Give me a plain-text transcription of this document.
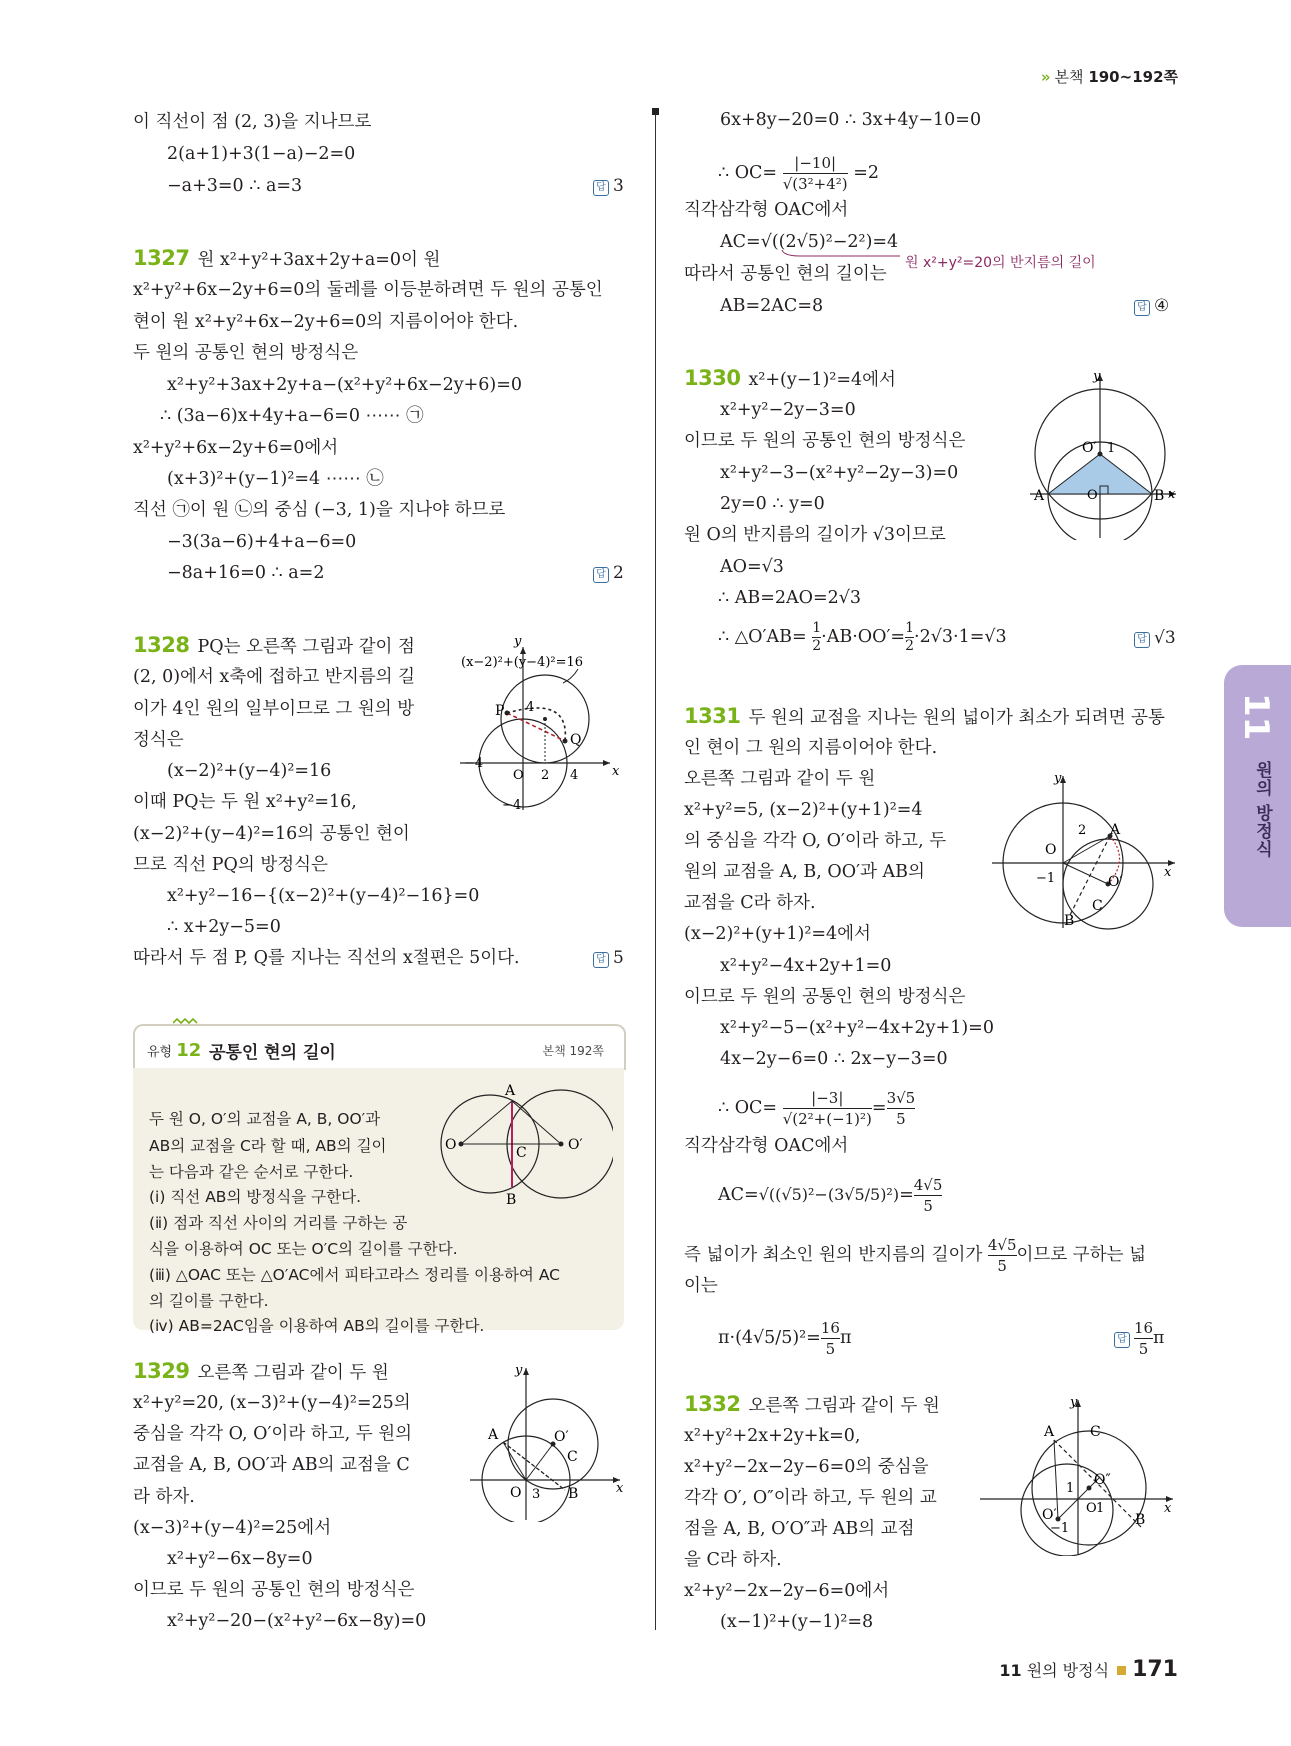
» 본책 190~192쪽
11
원의 방정식
이 직선이 점 (2, 3)을 지나므로
2(a+1)+3(1−a)−2=0
−a+3=0 ∴ a=3	답 3
1327 원 x²+y²+3ax+2y+a=0이 원
x²+y²+6x−2y+6=0의 둘레를 이등분하려면 두 원의 공통인
현이 원 x²+y²+6x−2y+6=0의 지름이어야 한다.
두 원의 공통인 현의 방정식은
x²+y²+3ax+2y+a−(x²+y²+6x−2y+6)=0
∴ (3a−6)x+4y+a−6=0 ⋯⋯ ㉠
x²+y²+6x−2y+6=0에서
(x+3)²+(y−1)²=4 ⋯⋯ ㉡
직선 ㉠이 원 ㉡의 중심 (−3, 1)을 지나야 하므로
−3(3a−6)+4+a−6=0
−8a+16=0 ∴ a=2	답 2
1328 PQ는 오른쪽 그림과 같이 점
(2, 0)에서 x축에 접하고 반지름의 길
이가 4인 원의 일부이므로 그 원의 방
정식은
(x−2)²+(y−4)²=16
이때 PQ는 두 원 x²+y²=16,
(x−2)²+(y−4)²=16의 공통인 현이
므로 직선 PQ의 방정식은
x²+y²−16−{(x−2)²+(y−4)²−16}=0
∴ x+2y−5=0
따라서 두 점 P, Q를 지나는 직선의 x절편은 5이다.	답 5
(x−2)²+(y−4)²=16
y
x
P
Q
O 2 4
−4
4
−4
유형 12 공통인 현의 길이	본책 192쪽
두 원 O, O′의 교점을 A, B, OO′과
AB의 교점을 C라 할 때, AB의 길이
는 다음과 같은 순서로 구한다.
(ⅰ) 직선 AB의 방정식을 구한다.
(ⅱ) 점과 직선 사이의 거리를 구하는 공
식을 이용하여 OC 또는 O′C의 길이를 구한다.
(ⅲ) △OAC 또는 △O′AC에서 피타고라스 정리를 이용하여 AC
의 길이를 구한다.
(ⅳ) AB=2AC임을 이용하여 AB의 길이를 구한다.
A
B
C
O	O′
1329 오른쪽 그림과 같이 두 원
x²+y²=20, (x−3)²+(y−4)²=25의
중심을 각각 O, O′이라 하고, 두 원의
교점을 A, B, OO′과 AB의 교점을 C
라 하자.
(x−3)²+(y−4)²=25에서
x²+y²−6x−8y=0
이므로 두 원의 공통인 현의 방정식은
x²+y²−20−(x²+y²−6x−8y)=0
A
B
C
O
O′
3
y
x
6x+8y−20=0 ∴ 3x+4y−10=0
∴ $OC= \frac{|-10|}{\text{√(3²+4²)}} =2$
직각삼각형 OAC에서
AC=√((2√5)²−2²)=4
원 x²+y²=20의 반지름의 길이
따라서 공통인 현의 길이는
AB=2AC=8	답 ④
1330 x²+(y−1)²=4에서
x²+y²−2y−3=0
이므로 두 원의 공통인 현의 방정식은
x²+y²−3−(x²+y²−2y−3)=0
2y=0 ∴ y=0
원 O의 반지름의 길이가 √3이므로
AO=√3
∴ AB=2AO=2√3
∴ △O′AB= $\frac{1}{2} \cdot AB\cdot OO'= \frac{1}{2} \cdot 2√3\cdot 1=√3$	답 √3
y
x
A	B
O
O′ 1
1331 두 원의 교점을 지나는 원의 넓이가 최소가 되려면 공통
인 현이 그 원의 지름이어야 한다.
오른쪽 그림과 같이 두 원
x²+y²=5, (x−2)²+(y+1)²=4
의 중심을 각각 O, O′이라 하고, 두
원의 교점을 A, B, OO′과 AB의
교점을 C라 하자.
(x−2)²+(y+1)²=4에서
x²+y²−4x+2y+1=0
이므로 두 원의 공통인 현의 방정식은
x²+y²−5−(x²+y²−4x+2y+1)=0
4x−2y−6=0 ∴ 2x−y−3=0
∴ $OC= \frac{|-3|}{\text{√(2²+(−1)²)}} = \frac{3√5}{5}$
직각삼각형 OAC에서
$AC=√((√5)^2-(3√5/5)^2)= \frac{4√5}{5}$
즉 넓이가 최소인 원의 반지름의 길이가 $\frac{4√5}{5}$ 이므로 구하는 넓
이는
$\pi\cdot(4√5/5)^2= \frac{16}{5}$ π	답 $\frac{16}{5}$ π
y
x
A
B
C
O
O′
2
−1
1332 오른쪽 그림과 같이 두 원
x²+y²+2x+2y+k=0,
x²+y²−2x−2y−6=0의 중심을
각각 O′, O″이라 하고, 두 원의 교
점을 A, B, O′O″과 AB의 교점
을 C라 하자.
x²+y²−2x−2y−6=0에서
(x−1)²+(y−1)²=8
y
x
A
B
C
O
O′
O″
1
−1
1
11 원의 방정식 171
